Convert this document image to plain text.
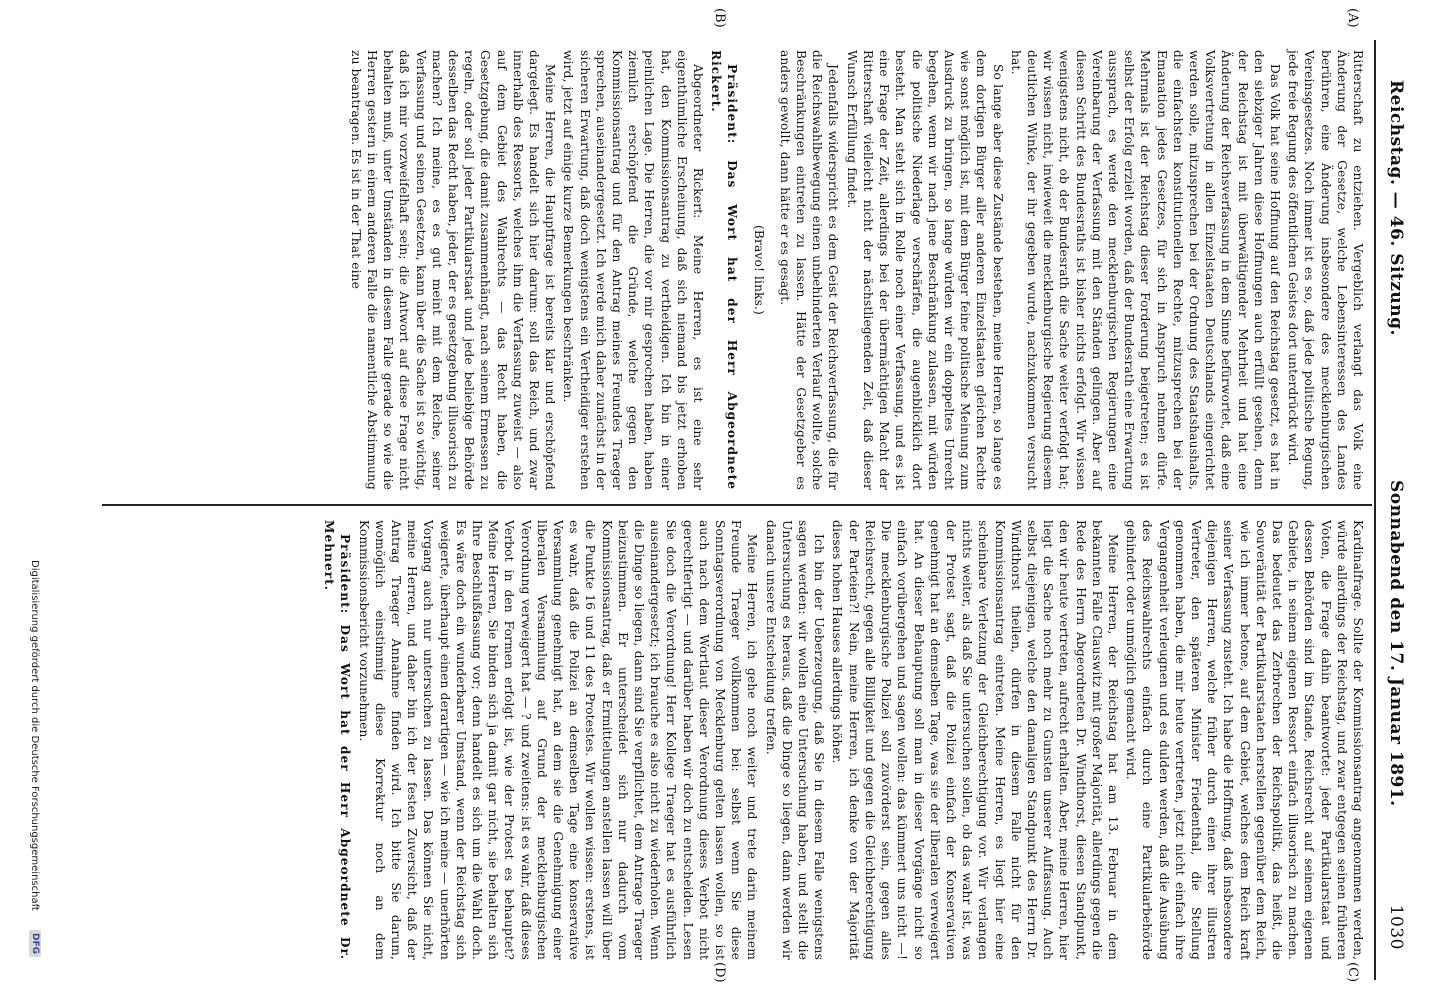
Reichstag. — 46. Sitzung.
Sonnabend den 17. Januar 1891.
1030
(A)
(B)
(C)
(D)

Ritterschaft zu entziehen. Vergeblich verlangt das Volk eine Änderung der Gesetze, welche Lebensinteressen des Landes berühren, eine Änderung insbesondere des mecklenburgischen Vereinsgesetzes. Noch immer ist es so, daß jede politische Regung, jede freie Regung des öffentlichen Geistes dort unterdrückt wird.

Das Volk hat seine Hoffnung auf den Reichstag gesetzt, es hat in den siebziger Jahren diese Hoffnungen auch erfüllt gesehen, denn der Reichstag ist mit überwältigender Mehrheit und hat eine Änderung der Reichsverfassung in dem Sinne befürwortet, daß eine Volksvertretung in allen Einzelstaaten Deutschlands eingerichtet werden solle, mitzusprechen bei der Ordnung des Staatshaushalts, die einfachsten konstitutionellen Rechte, mitzusprechen bei der Emanation jedes Gesetzes, für sich in Anspruch nehmen dürfe. Mehrmals ist der Reichstag dieser Forderung beigetreten; es ist selbst der Erfolg erzielt worden, daß der Bundesrath eine Erwartung aussprach, es werde den mecklenburgischen Regierungen eine Vereinbarung der Verfassung mit den Ständen gelingen. Aber auf diesen Schritt des Bundesraths ist bisher nichts erfolgt. Wir wissen wenigstens nicht, ob der Bundesrath die Sache weiter verfolgt hat; wir wissen nicht, inwieweit die mecklenburgische Regierung diesem deutlichen Winke, der ihr gegeben wurde, nachzukommen versucht hat.

So lange aber diese Zustände bestehen, meine Herren, so lange es dem dortigen Bürger aller anderen Einzelstaaten gleichen Rechte wie sonst möglich ist, mit dem Bürger feine politische Meinung zum Ausdruck zu bringen, so lange würden wir ein doppeltes Unrecht begehen, wenn wir nach jene Beschränkung zulassen, mit würden die politische Niederlage verschärfen, die augenblicklich dort besteht. Man steht sich in Rolle noch einer Verfassung, und es ist eine Frage der Zeit, allerdings bei der übermächtigen Macht der Ritterschaft vielleicht nicht der nächstliegenden Zeit, daß dieser Wunsch Erfüllung findet.

Jedenfalls widerspricht es dem Geist der Reichsverfassung, die für die Reichswahlbewegung einen unbehinderten Verlauf wollte, solche Beschränkungen eintreten zu lassen. Hätte der Gesetzgeber es anders gewollt, dann hätte er es gesagt.

(Bravo! links.)

Präsident: Das Wort hat der Herr Abgeordnete Rickert.

Abgeordneter Rickert: Meine Herren, es ist eine sehr eigenthümliche Erscheinung, daß sich niemand bis jetzt erhoben hat, den Kommissionsantrag zu vertheidigen. Ich bin in einer peinlichen Lage. Die Herren, die vor mir gesprochen haben, haben ziemlich erschöpfend die Gründe, welche gegen den Kommissionsantrag und für den Antrag meines Freundes Traeger sprechen, auseinandergesetzt. Ich werde mich daher zunächst in der sicheren Erwartung, daß doch wenigstens ein Vertheidiger erstehen wird, jetzt auf einige kurze Bemerkungen beschränken.

Meine Herren, die Hauptfrage ist bereits klar und erschöpfend dargelegt. Es handelt sich hier darum: soll das Reich, und zwar innerhalb des Ressorts, welches ihm die Verfassung zuweist — also auf dem Gebiet des Wahlrechts — das Recht haben, die Gesetzgebung, die damit zusammenhängt, nach seinem Ermessen zu regeln, oder soll jeder Partikularstaat und jede beliebige Behörde desselben das Recht haben, jeder, der es gesetzgebung illusorisch zu machen? Ich meine, es es gut meint mit dem Reiche, seiner Verfassung und seinen Gesetzen, kann über die Sache ist so wichtig, daß ich mir vorzweifelhaft sein; die Antwort auf diese Frage nicht behalten muß, unter Umständen in diesem Falle gerade so wie die Herren gestern in einem anderen Falle die namentliche Abstimmung zu beantragen. Es ist in der That eine

Kardinalfrage. Sollte der Kommissionsantrag angenommen werden, würde allerdings der Reichstag, und zwar entgegen seinen früheren Voten, die Frage dahin beantwortet: jeder Partikularstaat und dessen Behörden sind im Stande, Reichsrecht auf seinem eigenen Gebiete, in seinem eigenen Ressort einfach illusorisch zu machen. Das bedeutet das Zerbrechen der Reichspolitik, das heißt, die Souveränität der Partikularstaaten herstellen gegenüber dem Reich, wie ich immer betone, auf dem Gebiet, welches dem Reich kraft seiner Verfassung zusteht. Ich habe die Hoffnung, daß insbesondere diejenigen Herren, welche früher durch einen ihrer illustren Vertreter, den späteren Minister Friedenthal, die Stellung genommen haben, die mir heute vertreten, jetzt nicht einfach ihre Vergangenheit verleugnen und es dulden werden, daß die Ausübung des Reichswahlrechts einfach durch eine Partikularbehörde gehindert oder unmöglich gemacht wird.

Meine Herren, der Reichstag hat am 13. Februar in dem bekannten Falle Clauswitz mit großer Majorität, allerdings gegen die Rede des Herrn Abgeordneten Dr. Windthorst, diesen Standpunkt, den wir heute vertreten, aufrecht erhalten. Aber, meine Herren, hier liegt die Sache noch mehr zu Gunsten unserer Auffassung. Auch selbst diejenigen, welche den damaligen Standpunkt des Herrn Dr. Windthorst theilen, dürfen in diesem Falle nicht für den Kommissionsantrag eintreten. Meine Herren, es liegt hier eine scheinbare Verletzung der Gleichberechtigung vor. Wir verlangen nichts weiter, als daß Sie untersuchen sollen, ob das wahr ist, was der Protest sagt, daß die Polizei einfach der Konservativen genehmigt hat an demselben Tage, was sie der liberalen verweigert hat. An dieser Behauptung soll man in dieser Vorgänge nicht so einfach vorübergehen und sagen wollen: das kümmert uns nicht —! Die mecklenburgische Polizei soll zuvörderst sein, gegen alles Reichsrecht, gegen alle Billigkeit und gegen die Gleichberechtigung der Parteien?! Nein, meine Herren, ich denke von der Majorität dieses hohen Hauses allerdings höher.

Ich bin der Ueberzeugung, daß Sie in diesem Falle wenigstens sagen werden: wir wollen eine Untersuchung haben, und stellt die Untersuchung es heraus, daß die Dinge so liegen, dann werden wir danach unsere Entscheidung treffen.

Meine Herren, ich gehe noch weiter und trete darin meinem Freunde Traeger vollkommen bei: selbst wenn Sie diese Sonntagsverordnung von Mecklenburg gelten lassen wollen, so ist auch nach dem Wortlaut dieser Verordnung dieses Verbot nicht gerechtfertigt — und darüber haben wir doch zu entscheiden. Lesen Sie doch die Verordnung! Herr Kollege Traeger hat es ausführlich auseinandergesetzt; ich brauche es also nicht zu wiederholen. Wenn die Dinge so liegen, dann sind Sie verpflichtet, dem Antrage Traeger beizustimmen. Er unterscheidet sich nur dadurch vom Kommissionsantrag, daß er Ermittelungen anstellen lassen will über die Punkte 16 und 11 des Protestes. Wir wollen wissen: erstens, ist es wahr, daß die Polizei an demselben Tage eine konservative Versammlung genehmigt hat, an dem sie die Genehmigung einer liberalen Versammlung auf Grund der mecklenburgischen Verordnung verweigert hat — ? und zweitens: ist es wahr, daß dieses Verbot in den Formen erfolgt ist, wie der Protest es behauptet? Meine Herren, Sie binden sich ja damit gar nicht, sie behalten sich Ihre Beschlußfassung vor; denn handelt es sich um die Wahl doch. Es wäre doch ein wunderbarer Umstand, wenn der Reichstag sich weigerte, überhaupt einen derartigen — wie ich meine — unerhörten Vorgang auch nur untersuchen zu lassen. Das können Sie nicht, meine Herren, und daher bin ich der festen Zuversicht, daß der Antrag Traeger Annahme finden wird. Ich bitte Sie darum, womöglich einstimmig diese Korrektur noch an dem Kommissionsbericht vorzunehmen.

Präsident: Das Wort hat der Herr Abgeordnete Dr. Mehnert.

Digitalisierung gefördert durch die Deutsche Forschungsgemeinschaft
DFG
